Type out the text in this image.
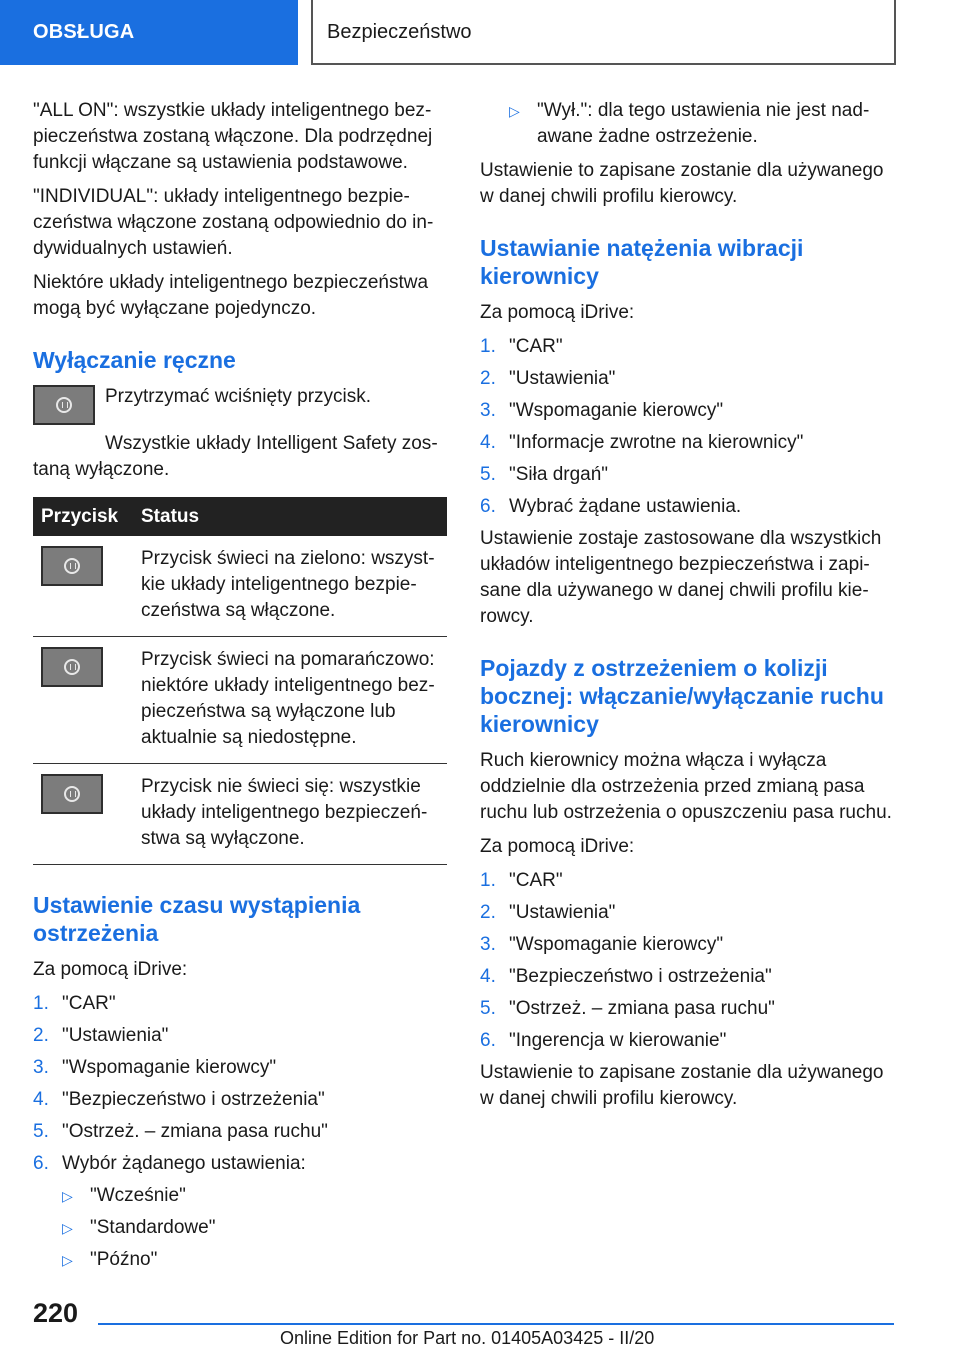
OBSŁUGA	Bezpieczeństwo

"ALL ON": wszystkie układy inteligentnego bezpieczeństwa zostaną włączone. Dla podrzędnej funkcji włączane są ustawienia podstawowe.

"INDIVIDUAL": układy inteligentnego bezpieczeństwa włączone zostaną odpowiednio do indywidualnych ustawień.

Niektóre układy inteligentnego bezpieczeństwa mogą być wyłączane pojedynczo.

Wyłączanie ręczne
Przytrzymać wciśnięty przycisk.

Wszystkie układy Intelligent Safety zostaną wyłączone.

Przycisk	Status

	Przycisk świeci na zielono: wszystkie układy inteligentnego bezpieczeństwa są włączone.

	Przycisk świeci na pomarańczowo: niektóre układy inteligentnego bezpieczeństwa są wyłączone lub aktualnie są niedostępne.

	Przycisk nie świeci się: wszystkie układy inteligentnego bezpieczeństwa są wyłączone.
Ustawienie czasu wystąpienia ostrzeżenia

Za pomocą iDrive:

1. "CAR"
2. "Ustawienia"
3. "Wspomaganie kierowcy"
4. "Bezpieczeństwo i ostrzeżenia"
5. "Ostrzeż. – zmiana pasa ruchu"
6. Wybór żądanego ustawienia:
▷ "Wcześnie"
▷ "Standardowe"
▷ "Późno"
▷ "Wył.": dla tego ustawienia nie jest nadawane żadne ostrzeżenie.

Ustawienie to zapisane zostanie dla używanego w danej chwili profilu kierowcy.

Ustawianie natężenia wibracji kierownicy

Za pomocą iDrive:

1. "CAR"
2. "Ustawienia"
3. "Wspomaganie kierowcy"
4. "Informacje zwrotne na kierownicy"
5. "Siła drgań"
6. Wybrać żądane ustawienia.

Ustawienie zostaje zastosowane dla wszystkich układów inteligentnego bezpieczeństwa i zapisane dla używanego w danej chwili profilu kierowcy.

Pojazdy z ostrzeżeniem o kolizji bocznej: włączanie/wyłączanie ruchu kierownicy

Ruch kierownicy można włącza i wyłącza oddzielnie dla ostrzeżenia przed zmianą pasa ruchu lub ostrzeżenia o opuszczeniu pasa ruchu.

Za pomocą iDrive:

1. "CAR"
2. "Ustawienia"
3. "Wspomaganie kierowcy"
4. "Bezpieczeństwo i ostrzeżenia"
5. "Ostrzeż. – zmiana pasa ruchu"
6. "Ingerencja w kierowanie"

Ustawienie to zapisane zostanie dla używanego w danej chwili profilu kierowcy.

220
Online Edition for Part no. 01405A03425 - II/20
